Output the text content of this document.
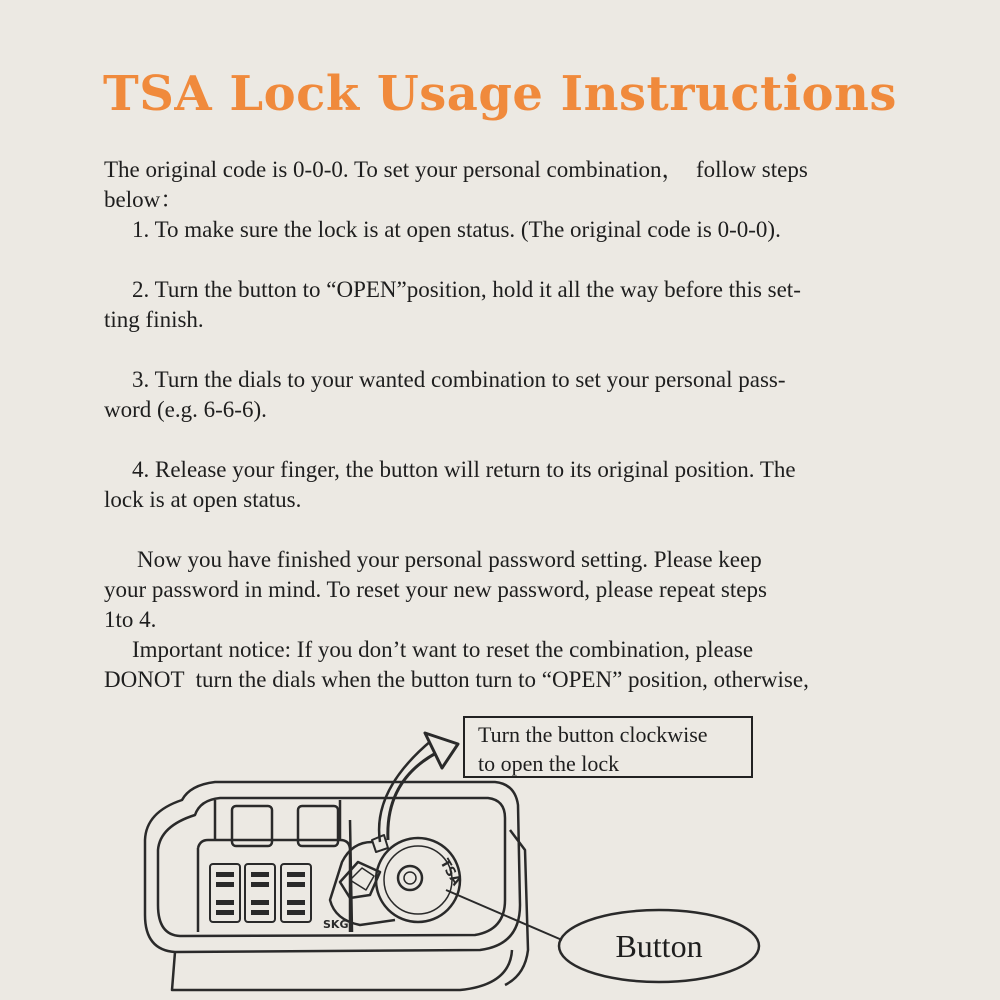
TSA Lock Usage Instructions
The original code is 0-0-0. To set your personal combination，  follow steps
below：
1. To make sure the lock is at open status. (The original code is 0-0-0).
2. Turn the button to “OPEN”position, hold it all the way before this set-
ting finish.
3. Turn the dials to your wanted combination to set your personal pass-
word (e.g. 6-6-6).
4. Release your finger, the button will return to its original position. The
lock is at open status.
Now you have finished your personal password setting. Please keep
your password in mind. To reset your new password, please repeat steps
1to 4.
Important notice: If you don’t want to reset the combination, please
DONOT  turn the dials when the button turn to “OPEN” position, otherwise,
SKG
TSA
Turn the button clockwise
to open the lock
Button
